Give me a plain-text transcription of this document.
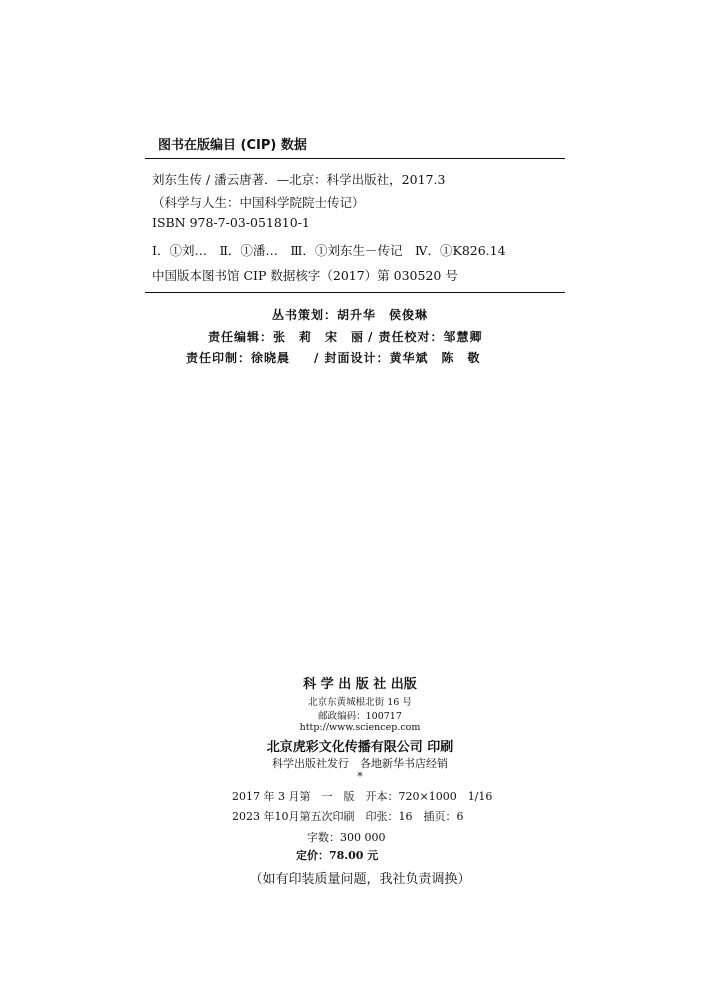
图书在版编目 (CIP) 数据
刘东生传 / 潘云唐著．—北京：科学出版社，2017.3
（科学与人生：中国科学院院士传记）
ISBN 978-7-03-051810-1
Ⅰ．①刘…　Ⅱ．①潘…　Ⅲ．①刘东生－传记　Ⅳ．①K826.14
中国版本图书馆 CIP 数据核字（2017）第 030520 号
丛书策划：胡升华　侯俊琳
责任编辑：张　莉　宋　丽 / 责任校对：邹慧卿
责任印制：徐晓晨 / 封面设计：黄华斌　陈　敬
科 学 出 版 社 出版
北京东黄城根北街 16 号
邮政编码：100717
http://www.sciencep.com
北京虎彩文化传播有限公司 印刷
科学出版社发行　各地新华书店经销
*
2017 年 3 月第　一　版　开本：720×1000　1/16
2023 年10月第五次印刷　印张：16　插页：6
字数：300 000
定价：78.00 元
（如有印装质量问题，我社负责调换）
